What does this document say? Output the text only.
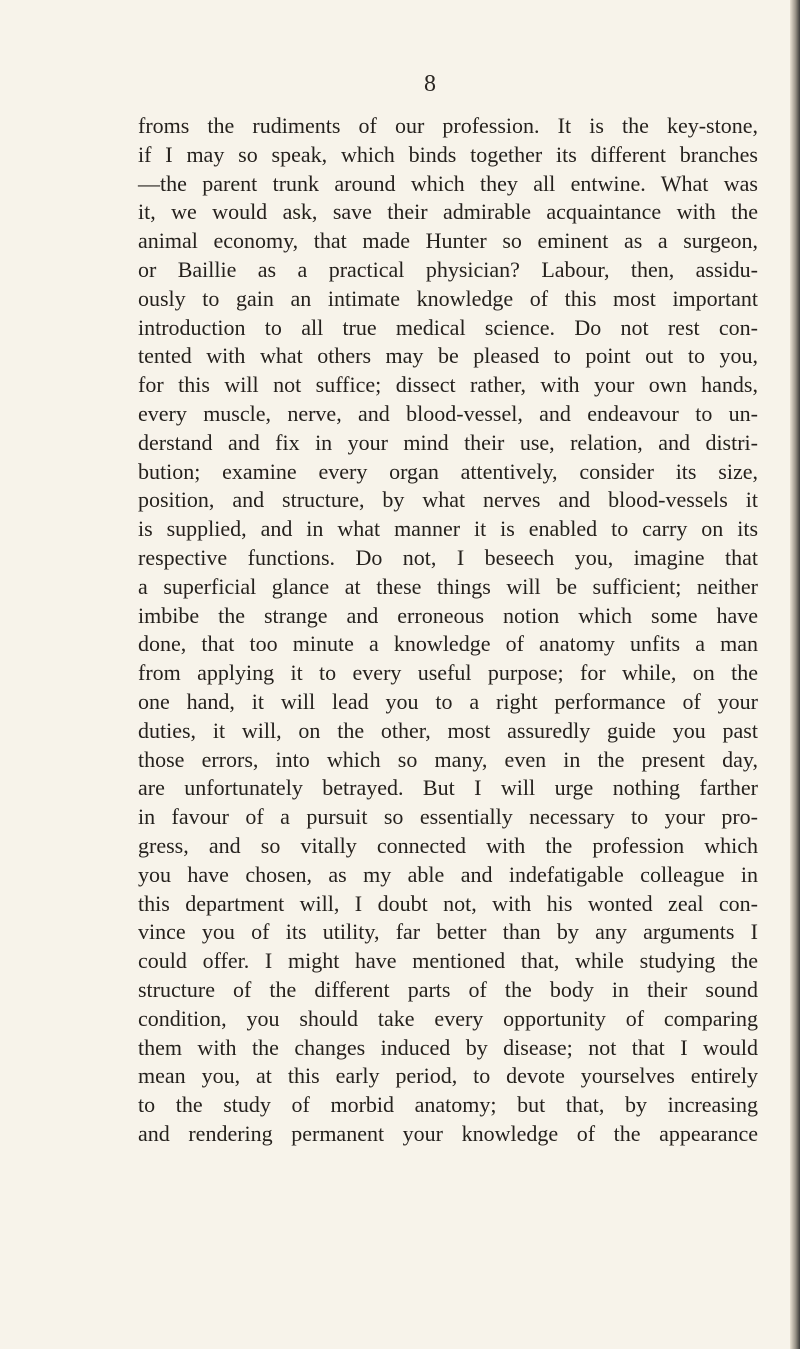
8
froms the rudiments of our profession. It is the key-stone,
if I may so speak, which binds together its different branches
—the parent trunk around which they all entwine. What was
it, we would ask, save their admirable acquaintance with the
animal economy, that made Hunter so eminent as a surgeon,
or Baillie as a practical physician? Labour, then, assidu-
ously to gain an intimate knowledge of this most important
introduction to all true medical science. Do not rest con-
tented with what others may be pleased to point out to you,
for this will not suffice; dissect rather, with your own hands,
every muscle, nerve, and blood-vessel, and endeavour to un-
derstand and fix in your mind their use, relation, and distri-
bution; examine every organ attentively, consider its size,
position, and structure, by what nerves and blood-vessels it
is supplied, and in what manner it is enabled to carry on its
respective functions. Do not, I beseech you, imagine that
a superficial glance at these things will be sufficient; neither
imbibe the strange and erroneous notion which some have
done, that too minute a knowledge of anatomy unfits a man
from applying it to every useful purpose; for while, on the
one hand, it will lead you to a right performance of your
duties, it will, on the other, most assuredly guide you past
those errors, into which so many, even in the present day,
are unfortunately betrayed. But I will urge nothing farther
in favour of a pursuit so essentially necessary to your pro-
gress, and so vitally connected with the profession which
you have chosen, as my able and indefatigable colleague in
this department will, I doubt not, with his wonted zeal con-
vince you of its utility, far better than by any arguments I
could offer. I might have mentioned that, while studying the
structure of the different parts of the body in their sound
condition, you should take every opportunity of comparing
them with the changes induced by disease; not that I would
mean you, at this early period, to devote yourselves entirely
to the study of morbid anatomy; but that, by increasing
and rendering permanent your knowledge of the appearance
